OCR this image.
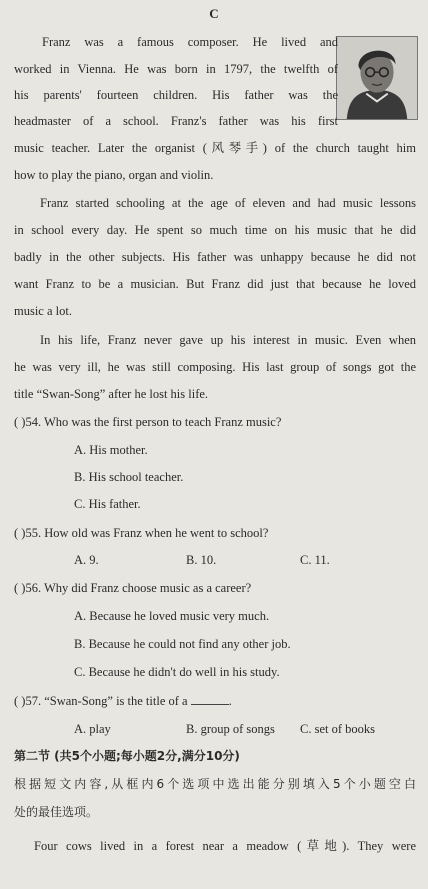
C
Franz was a famous composer. He lived and
worked in Vienna. He was born in 1797, the twelfth of
his parents' fourteen children. His father was the
headmaster of a school. Franz's father was his first
music teacher. Later the organist (风琴手) of the church taught him
how to play the piano, organ and violin.
Franz started schooling at the age of eleven and had music lessons
in school every day. He spent so much time on his music that he did
badly in the other subjects. His father was unhappy because he did not
want Franz to be a musician. But Franz did just that because he loved
music a lot.
In his life, Franz never gave up his interest in music. Even when
he was very ill, he was still composing. His last group of songs got the
title “Swan-Song” after he lost his life.
( )54. Who was the first person to teach Franz music?
A. His mother.
B. His school teacher.
C. His father.
( )55. How old was Franz when he went to school?
A. 9.	B. 10.	C. 11.
( )56. Why did Franz choose music as a career?
A. Because he loved music very much.
B. Because he could not find any other job.
C. Because he didn't do well in his study.
( )57. “Swan-Song” is the title of a	.
A. play	B. group of songs C. set of books
第二节 (共5个小题;每小题2分,满分10分)
根据短文内容,从框内6个选项中选出能分别填入5个小题空白
处的最佳选项。
Four cows lived in a forest near a meadow (草地). They were
